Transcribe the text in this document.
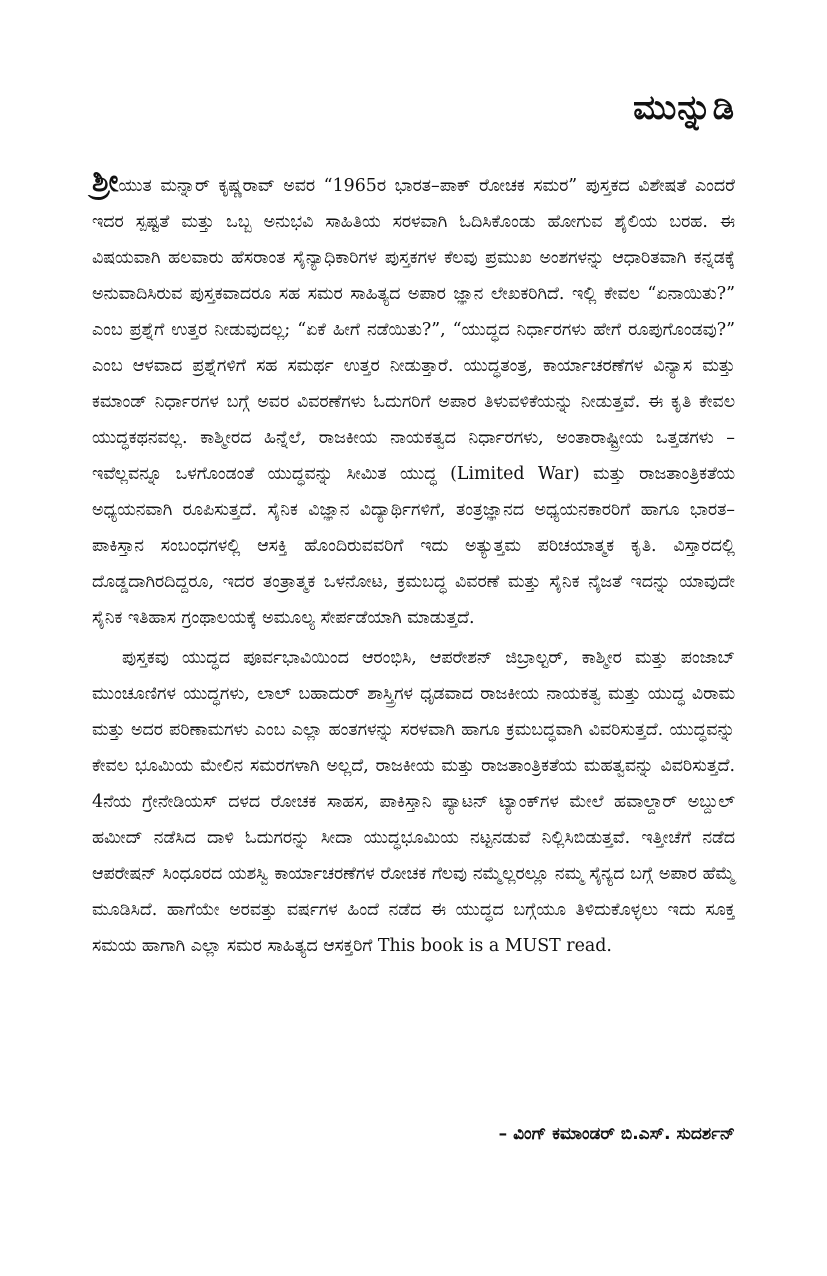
ಮುನ್ನುಡಿ

ಶ್ರೀಯುತ ಮನ್ನಾರ್ ಕೃಷ್ಣರಾವ್ ಅವರ “1965ರ ಭಾರತ–ಪಾಕ್ ರೋಚಕ ಸಮರ” ಪುಸ್ತಕದ ವಿಶೇಷತೆ ಎಂದರೆ ಇದರ ಸ್ಪಷ್ಟತೆ ಮತ್ತು ಒಬ್ಬ ಅನುಭವಿ ಸಾಹಿತಿಯ ಸರಳವಾಗಿ ಓದಿಸಿಕೊಂಡು ಹೋಗುವ ಶೈಲಿಯ ಬರಹ. ಈ ವಿಷಯವಾಗಿ ಹಲವಾರು ಹೆಸರಾಂತ ಸೈನ್ಯಾಧಿಕಾರಿಗಳ ಪುಸ್ತಕಗಳ ಕೆಲವು ಪ್ರಮುಖ ಅಂಶಗಳನ್ನು ಆಧಾರಿತವಾಗಿ ಕನ್ನಡಕ್ಕೆ ಅನುವಾದಿಸಿರುವ ಪುಸ್ತಕವಾದರೂ ಸಹ ಸಮರ ಸಾಹಿತ್ಯದ ಅಪಾರ ಜ್ಞಾನ ಲೇಖಕರಿಗಿದೆ. ಇಲ್ಲಿ ಕೇವಲ “ಏನಾಯಿತು?” ಎಂಬ ಪ್ರಶ್ನೆಗೆ ಉತ್ತರ ನೀಡುವುದಲ್ಲ; “ಏಕೆ ಹೀಗೆ ನಡೆಯಿತು?”, “ಯುದ್ಧದ ನಿರ್ಧಾರಗಳು ಹೇಗೆ ರೂಪುಗೊಂಡವು?” ಎಂಬ ಆಳವಾದ ಪ್ರಶ್ನೆಗಳಿಗೆ ಸಹ ಸಮರ್ಥ ಉತ್ತರ ನೀಡುತ್ತಾರೆ. ಯುದ್ಧತಂತ್ರ, ಕಾರ್ಯಾಚರಣೆಗಳ ವಿನ್ಯಾಸ ಮತ್ತು ಕಮಾಂಡ್ ನಿರ್ಧಾರಗಳ ಬಗ್ಗೆ ಅವರ ವಿವರಣೆಗಳು ಓದುಗರಿಗೆ ಅಪಾರ ತಿಳುವಳಿಕೆಯನ್ನು ನೀಡುತ್ತವೆ. ಈ ಕೃತಿ ಕೇವಲ ಯುದ್ಧಕಥನವಲ್ಲ. ಕಾಶ್ಮೀರದ ಹಿನ್ನೆಲೆ, ರಾಜಕೀಯ ನಾಯಕತ್ವದ ನಿರ್ಧಾರಗಳು, ಅಂತಾರಾಷ್ಟ್ರೀಯ ಒತ್ತಡಗಳು – ಇವೆಲ್ಲವನ್ನೂ ಒಳಗೊಂಡಂತೆ ಯುದ್ಧವನ್ನು ಸೀಮಿತ ಯುದ್ಧ (Limited War) ಮತ್ತು ರಾಜತಾಂತ್ರಿಕತೆಯ ಅಧ್ಯಯನವಾಗಿ ರೂಪಿಸುತ್ತದೆ. ಸೈನಿಕ ವಿಜ್ಞಾನ ವಿದ್ಯಾರ್ಥಿಗಳಿಗೆ, ತಂತ್ರಜ್ಞಾನದ ಅಧ್ಯಯನಕಾರರಿಗೆ ಹಾಗೂ ಭಾರತ–ಪಾಕಿಸ್ತಾನ ಸಂಬಂಧಗಳಲ್ಲಿ ಆಸಕ್ತಿ ಹೊಂದಿರುವವರಿಗೆ ಇದು ಅತ್ಯುತ್ತಮ ಪರಿಚಯಾತ್ಮಕ ಕೃತಿ. ವಿಸ್ತಾರದಲ್ಲಿ ದೊಡ್ಡದಾಗಿರದಿದ್ದರೂ, ಇದರ ತಂತ್ರಾತ್ಮಕ ಒಳನೋಟ, ಕ್ರಮಬದ್ಧ ವಿವರಣೆ ಮತ್ತು ಸೈನಿಕ ನೈಜತೆ ಇದನ್ನು ಯಾವುದೇ ಸೈನಿಕ ಇತಿಹಾಸ ಗ್ರಂಥಾಲಯಕ್ಕೆ ಅಮೂಲ್ಯ ಸೇರ್ಪಡೆಯಾಗಿ ಮಾಡುತ್ತದೆ.

ಪುಸ್ತಕವು ಯುದ್ಧದ ಪೂರ್ವಭಾವಿಯಿಂದ ಆರಂಭಿಸಿ, ಆಪರೇಶನ್ ಜಿಬ್ರಾಲ್ಟರ್, ಕಾಶ್ಮೀರ ಮತ್ತು ಪಂಜಾಬ್ ಮುಂಚೂಣಿಗಳ ಯುದ್ಧಗಳು, ಲಾಲ್ ಬಹಾದುರ್ ಶಾಸ್ತ್ರಿಗಳ ಧೃಡವಾದ ರಾಜಕೀಯ ನಾಯಕತ್ವ ಮತ್ತು ಯುದ್ಧ ವಿರಾಮ ಮತ್ತು ಅದರ ಪರಿಣಾಮಗಳು ಎಂಬ ಎಲ್ಲಾ ಹಂತಗಳನ್ನು ಸರಳವಾಗಿ ಹಾಗೂ ಕ್ರಮಬದ್ಧವಾಗಿ ವಿವರಿಸುತ್ತದೆ. ಯುದ್ಧವನ್ನು ಕೇವಲ ಭೂಮಿಯ ಮೇಲಿನ ಸಮರಗಳಾಗಿ ಅಲ್ಲದೆ, ರಾಜಕೀಯ ಮತ್ತು ರಾಜತಾಂತ್ರಿಕತೆಯ ಮಹತ್ವವನ್ನು ವಿವರಿಸುತ್ತದೆ. 4ನೆಯ ಗ್ರೇನೇಡಿಯಸ್ ದಳದ ರೋಚಕ ಸಾಹಸ, ಪಾಕಿಸ್ತಾನಿ ಪ್ಯಾಟನ್ ಟ್ಯಾಂಕ್‌ಗಳ ಮೇಲೆ ಹವಾಲ್ದಾರ್ ಅಬ್ದುಲ್ ಹಮೀದ್ ನಡೆಸಿದ ದಾಳಿ ಓದುಗರನ್ನು ಸೀದಾ ಯುದ್ಧಭೂಮಿಯ ನಟ್ಟನಡುವೆ ನಿಲ್ಲಿಸಿಬಿಡುತ್ತವೆ. ಇತ್ತೀಚೆಗೆ ನಡೆದ ಆಪರೇಷನ್ ಸಿಂಧೂರದ ಯಶಸ್ವಿ ಕಾರ್ಯಾಚರಣೆಗಳ ರೋಚಕ ಗೆಲವು ನಮ್ಮೆಲ್ಲರಲ್ಲೂ ನಮ್ಮ ಸೈನ್ಯದ ಬಗ್ಗೆ ಅಪಾರ ಹೆಮ್ಮೆ ಮೂಡಿಸಿದೆ. ಹಾಗೆಯೇ ಅರವತ್ತು ವರ್ಷಗಳ ಹಿಂದೆ ನಡೆದ ಈ ಯುದ್ಧದ ಬಗ್ಗೆಯೂ ತಿಳಿದುಕೊಳ್ಳಲು ಇದು ಸೂಕ್ತ ಸಮಯ ಹಾಗಾಗಿ ಎಲ್ಲಾ ಸಮರ ಸಾಹಿತ್ಯದ ಆಸಕ್ತರಿಗೆ This book is a MUST read.

– ವಿಂಗ್ ಕಮಾಂಡರ್ ಬಿ.ಎಸ್. ಸುದರ್ಶನ್
